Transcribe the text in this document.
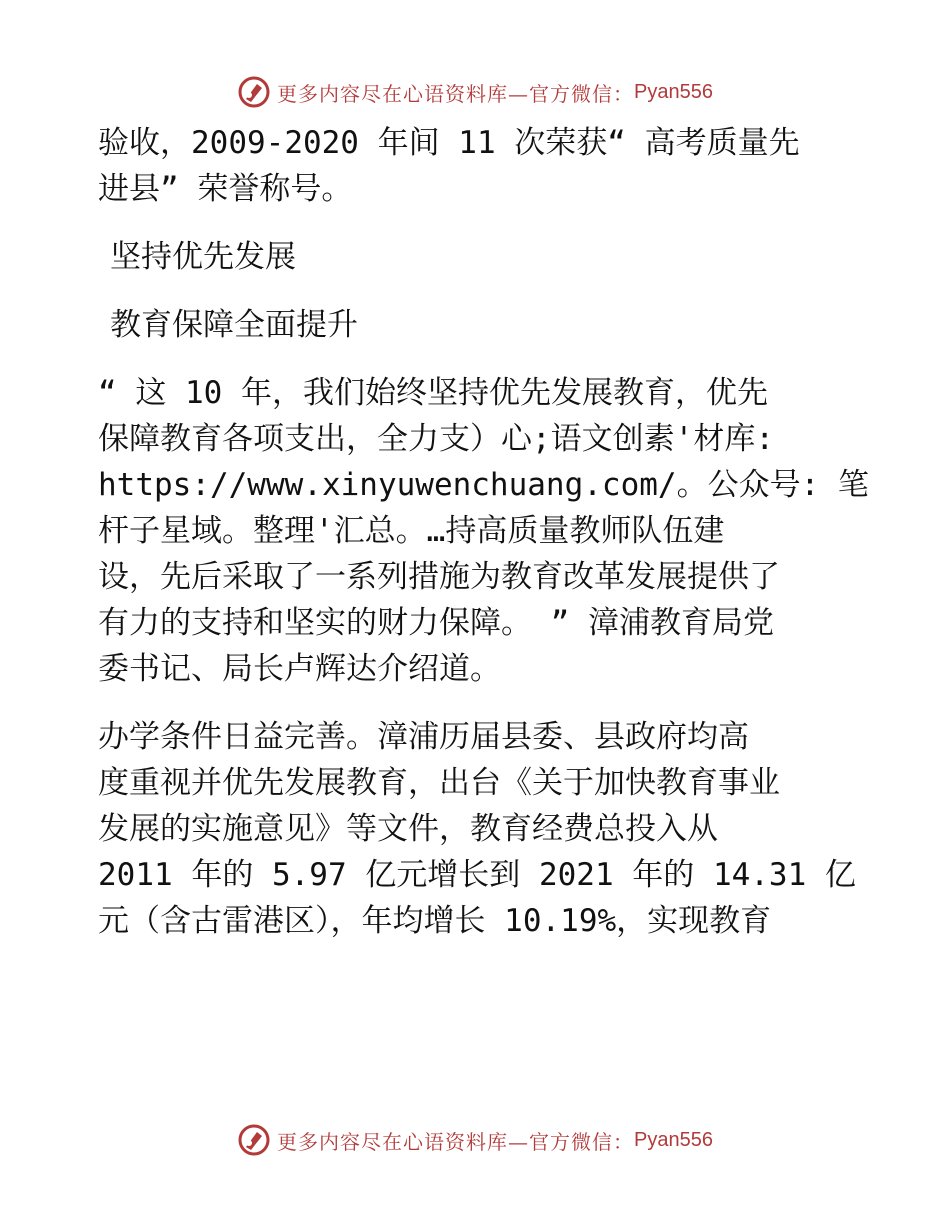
更多内容尽在心语资料库—官方微信： Pyan556
验收，2009-2020 年间 11 次荣获“ 高考质量先
进县” 荣誉称号。
坚持优先发展
教育保障全面提升
“ 这 10 年，我们始终坚持优先发展教育，优先
保障教育各项支出，全力支）心;语文创素'材库:
https://www.xinyuwenchuang.com/。公众号: 笔
杆子星域。整理'汇总。…持高质量教师队伍建
设，先后采取了一系列措施为教育改革发展提供了
有力的支持和坚实的财力保障。 ” 漳浦教育局党
委书记、局长卢辉达介绍道。
办学条件日益完善。漳浦历届县委、县政府均高
度重视并优先发展教育，出台《关于加快教育事业
发展的实施意见》等文件，教育经费总投入从
2011 年的 5.97 亿元增长到 2021 年的 14.31 亿
元（含古雷港区），年均增长 10.19%，实现教育
更多内容尽在心语资料库—官方微信： Pyan556
